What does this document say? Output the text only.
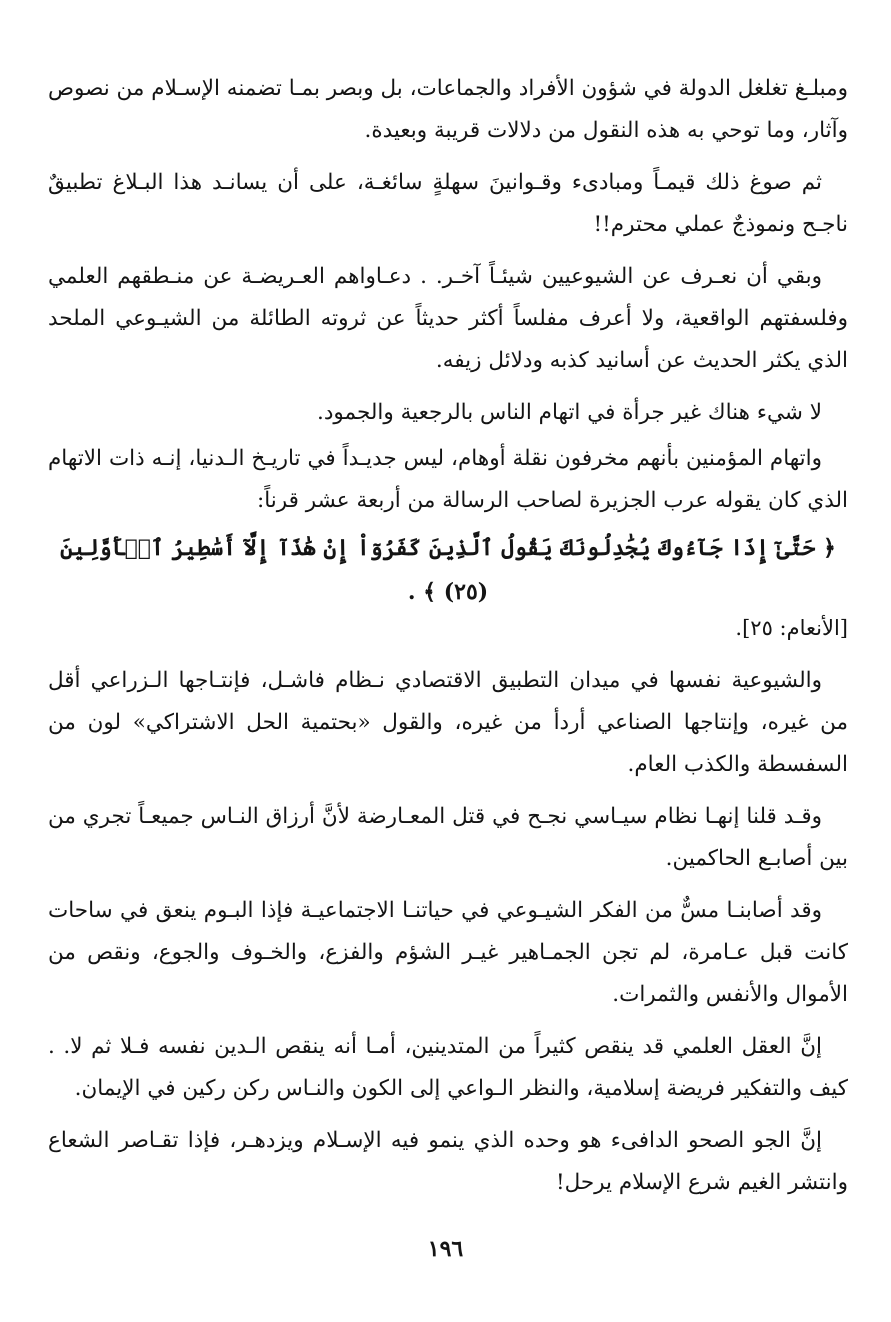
ومبلـغ تغلغل الدولة في شؤون الأفراد والجماعات، بل وبصر بمـا تضمنه الإسـلام من نصوص وآثار، وما توحي به هذه النقول من دلالات قريبة وبعيدة.

ثم صوغ ذلك قيمـاً ومبادىء وقـوانينَ سهلةٍ سائغـة، على أن يسانـد هذا البـلاغ تطبيقٌ ناجـح ونموذجٌ عملي محترم!!

وبقي أن نعـرف عن الشيوعيين شيئـاً آخـر. . دعـاواهم العـريضـة عن منـطقهم العلمي وفلسفتهم الواقعية، ولا أعرف مفلساً أكثر حديثاً عن ثروته الطائلة من الشيـوعي الملحد الذي يكثر الحديث عن أسانيد كذبه ودلائل زيفه.

لا شيء هناك غير جرأة في اتهام الناس بالرجعية والجمود.

واتهام المؤمنين بأنهم مخرفون نقلة أوهام، ليس جديـداً في تاريـخ الـدنيا، إنـه ذات الاتهام الذي كان يقوله عرب الجزيرة لصاحب الرسالة من أربعة عشر قرناً:

﴿ حَتَّىٰٓ إِذَا جَآءُوكَ يُجَٰدِلُونَكَ يَقُولُ ٱلَّذِينَ كَفَرُوٓاْ إِنْ هَٰذَآ إِلَّآ أَسَٰطِيرُ ٱلۡأَوَّلِينَ (٢٥) ﴾ .
[الأنعام: ٢٥].

والشيوعية نفسها في ميدان التطبيق الاقتصادي نـظام فاشـل، فإنتـاجها الـزراعي أقل من غيره، وإنتاجها الصناعي أردأ من غيره، والقول «بحتمية الحل الاشتراكي» لون من السفسطة والكذب العام.

وقـد قلنا إنهـا نظام سيـاسي نجـح في قتل المعـارضة لأنَّ أرزاق النـاس جميعـاً تجري من بين أصابـع الحاكمين.

وقد أصابنـا مسٌّ من الفكر الشيـوعي في حياتنـا الاجتماعيـة فإذا البـوم ينعق في ساحات كانت قبل عـامرة، لم تجن الجمـاهير غيـر الشؤم والفزع، والخـوف والجوع، ونقص من الأموال والأنفس والثمرات.

إنَّ العقل العلمي قد ينقص كثيراً من المتدينين، أمـا أنه ينقص الـدين نفسه فـلا ثم لا. . كيف والتفكير فريضة إسلامية، والنظر الـواعي إلى الكون والنـاس ركن ركين في الإيمان.

إنَّ الجو الصحو الدافىء هو وحده الذي ينمو فيه الإسـلام ويزدهـر، فإذا تقـاصر الشعاع وانتشر الغيم شرع الإسلام يرحل!

١٩٦
